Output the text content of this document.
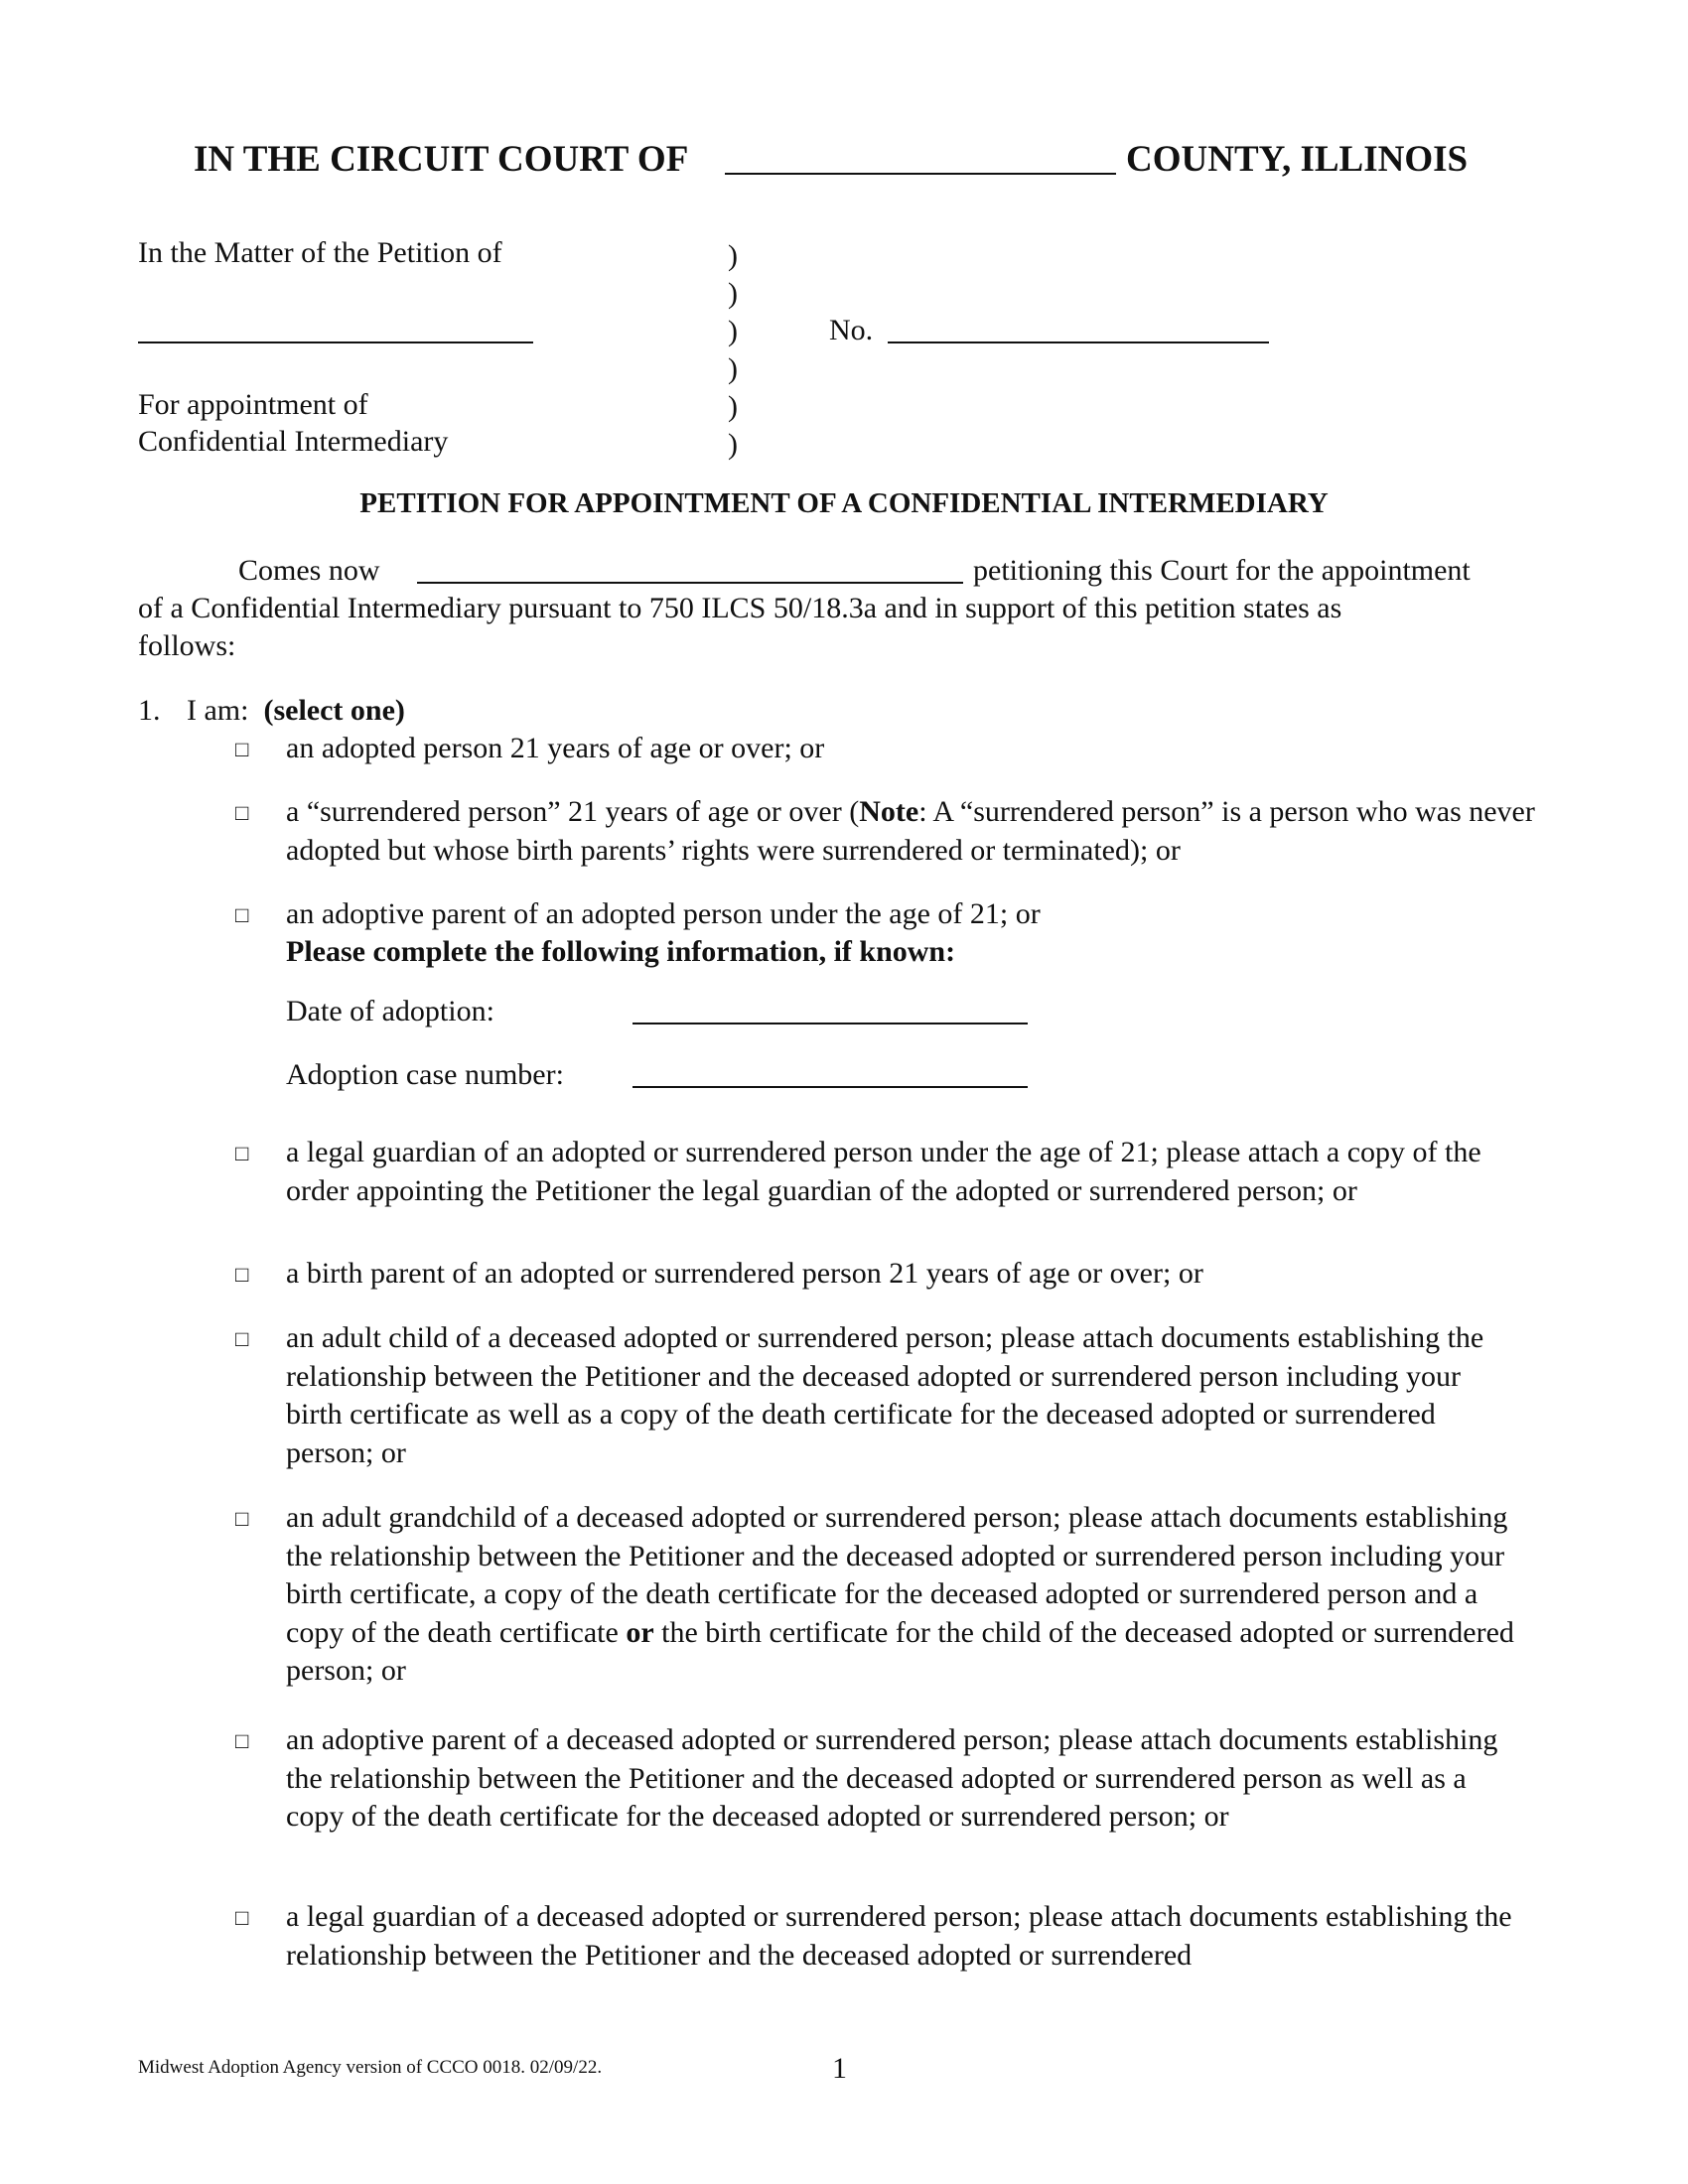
IN THE CIRCUIT COURT OF	COUNTY, ILLINOIS
In the Matter of the Petition of
For appointment of
Confidential Intermediary
)
)
)
)
)
)
No.
PETITION FOR APPOINTMENT OF A CONFIDENTIAL INTERMEDIARY
Comes now	petitioning this Court for the appointment
of a Confidential Intermediary pursuant to 750 ILCS 50/18.3a and in support of this petition states as
follows:
1. I am: (select one)
□ an adopted person 21 years of age or over; or
□ a “surrendered person” 21 years of age or over (Note: A “surrendered person” is a person who was never adopted but whose birth parents’ rights were surrendered or terminated); or
□ an adoptive parent of an adopted person under the age of 21; or
Please complete the following information, if known:
Date of adoption:
Adoption case number:
□ a legal guardian of an adopted or surrendered person under the age of 21; please attach a copy of the order appointing the Petitioner the legal guardian of the adopted or surrendered person; or
□ a birth parent of an adopted or surrendered person 21 years of age or over; or
□ an adult child of a deceased adopted or surrendered person; please attach documents establishing the relationship between the Petitioner and the deceased adopted or surrendered person including your birth certificate as well as a copy of the death certificate for the deceased adopted or surrendered person; or
□ an adult grandchild of a deceased adopted or surrendered person; please attach documents establishing the relationship between the Petitioner and the deceased adopted or surrendered person including your birth certificate, a copy of the death certificate for the deceased adopted or surrendered person and a copy of the death certificate or the birth certificate for the child of the deceased adopted or surrendered person; or
□ an adoptive parent of a deceased adopted or surrendered person; please attach documents establishing the relationship between the Petitioner and the deceased adopted or surrendered person as well as a copy of the death certificate for the deceased adopted or surrendered person; or
□ a legal guardian of a deceased adopted or surrendered person; please attach documents establishing the relationship between the Petitioner and the deceased adopted or surrendered
Midwest Adoption Agency version of CCCO 0018. 02/09/22.	1
